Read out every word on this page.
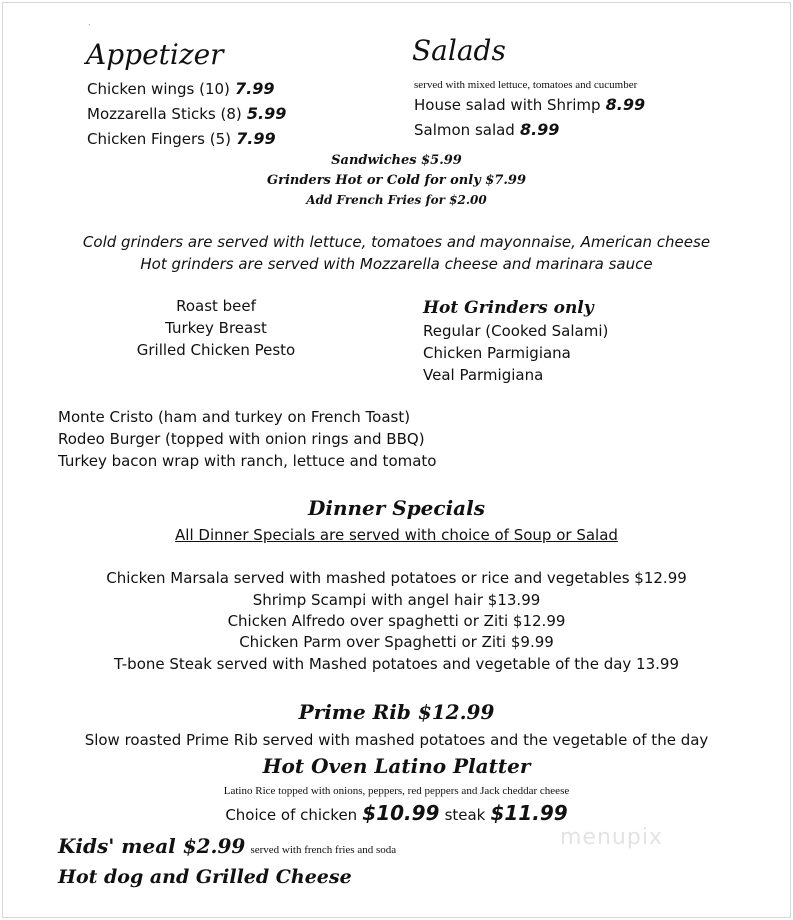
.
Appetizer
Chicken wings (10) 7.99
Mozzarella Sticks (8) 5.99
Chicken Fingers (5) 7.99
Salads
served with mixed lettuce, tomatoes and cucumber
House salad with Shrimp 8.99
Salmon salad 8.99
Sandwiches $5.99
Grinders Hot or Cold for only $7.99
Add French Fries for $2.00
Cold grinders are served with lettuce, tomatoes and mayonnaise, American cheese
Hot grinders are served with Mozzarella cheese and marinara sauce
Roast beef
Turkey Breast
Grilled Chicken Pesto
Hot Grinders only
Regular (Cooked Salami)
Chicken Parmigiana
Veal Parmigiana
Monte Cristo (ham and turkey on French Toast)
Rodeo Burger (topped with onion rings and BBQ)
Turkey bacon wrap with ranch, lettuce and tomato
Dinner Specials
All Dinner Specials are served with choice of Soup or Salad
Chicken Marsala served with mashed potatoes or rice and vegetables $12.99
Shrimp Scampi with angel hair $13.99
Chicken Alfredo over spaghetti or Ziti $12.99
Chicken Parm over Spaghetti or Ziti $9.99
T-bone Steak served with Mashed potatoes and vegetable of the day 13.99
Prime Rib $12.99
Slow roasted Prime Rib served with mashed potatoes and the vegetable of the day
Hot Oven Latino Platter
Latino Rice topped with onions, peppers, red peppers and Jack cheddar cheese
Choice of chicken $10.99 steak $11.99
menupix
Kids' meal $2.99 served with french fries and soda
Hot dog and Grilled Cheese
